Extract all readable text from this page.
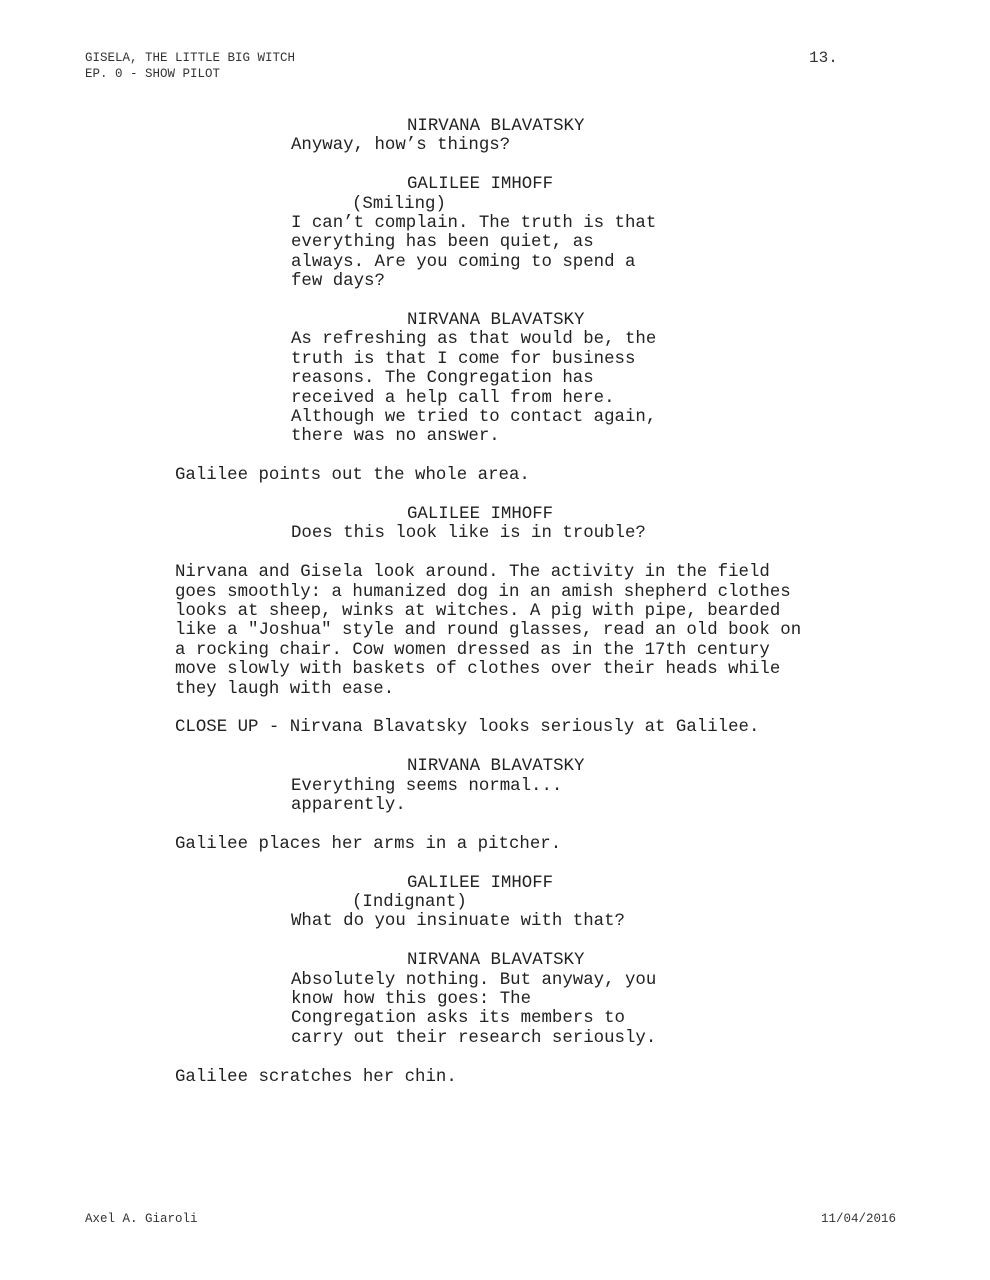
GISELA, THE LITTLE BIG WITCH
EP. 0 - SHOW PILOT
13.
NIRVANA BLAVATSKY
Anyway, how’s things?
GALILEE IMHOFF
(Smiling)
I can’t complain. The truth is that
everything has been quiet, as
always. Are you coming to spend a
few days?
NIRVANA BLAVATSKY
As refreshing as that would be, the
truth is that I come for business
reasons. The Congregation has
received a help call from here.
Although we tried to contact again,
there was no answer.
Galilee points out the whole area.
GALILEE IMHOFF
Does this look like is in trouble?
Nirvana and Gisela look around. The activity in the field
goes smoothly: a humanized dog in an amish shepherd clothes
looks at sheep, winks at witches. A pig with pipe, bearded
like a "Joshua" style and round glasses, read an old book on
a rocking chair. Cow women dressed as in the 17th century
move slowly with baskets of clothes over their heads while
they laugh with ease.
CLOSE UP - Nirvana Blavatsky looks seriously at Galilee.
NIRVANA BLAVATSKY
Everything seems normal...
apparently.
Galilee places her arms in a pitcher.
GALILEE IMHOFF
(Indignant)
What do you insinuate with that?
NIRVANA BLAVATSKY
Absolutely nothing. But anyway, you
know how this goes: The
Congregation asks its members to
carry out their research seriously.
Galilee scratches her chin.
Axel A. Giaroli	11/04/2016
